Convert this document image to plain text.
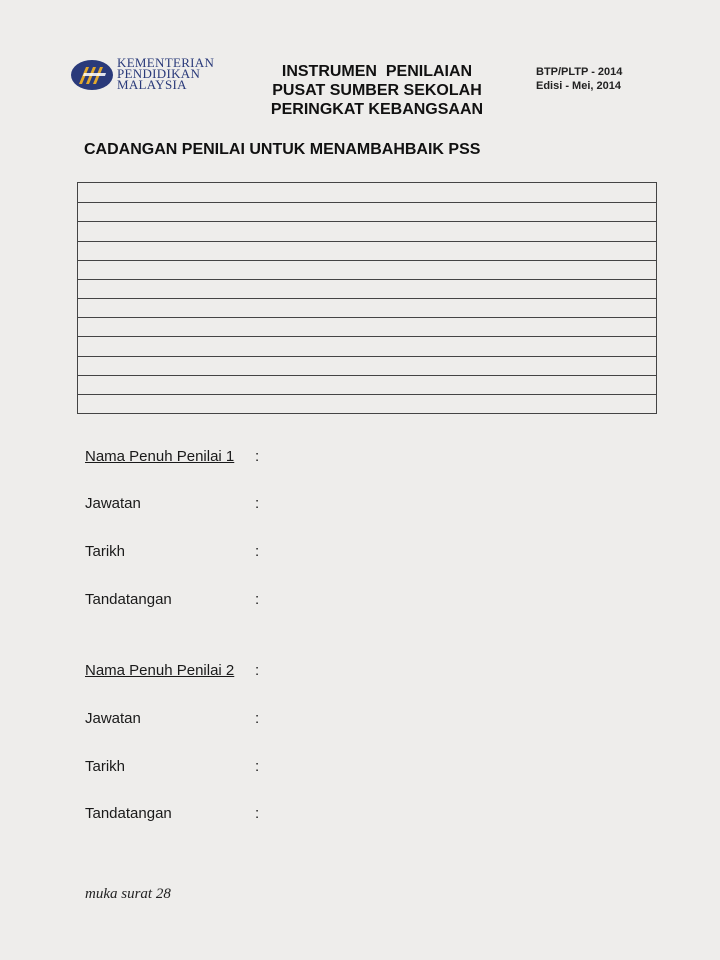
KEMENTERIAN
PENDIDIKAN
MALAYSIA
INSTRUMEN  PENILAIAN
PUSAT SUMBER SEKOLAH
PERINGKAT KEBANGSAAN
BTP/PLTP - 2014
Edisi - Mei, 2014
CADANGAN PENILAI UNTUK MENAMBAHBAIK PSS
Nama Penuh Penilai 1 :
Jawatan	:
Tarikh	:
Tandatangan	:
Nama Penuh Penilai 2 :
Jawatan	:
Tarikh	:
Tandatangan	:
muka surat 28
